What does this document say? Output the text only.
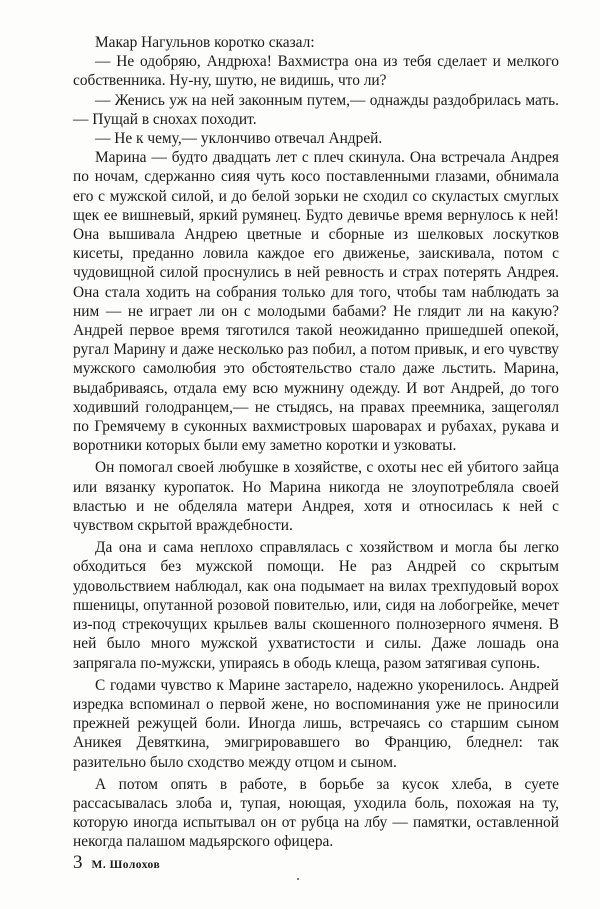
Макар Нагульнов коротко сказал:

— Не одобряю, Андрюха! Вахмистра она из тебя сделает и мелкого собственника. Ну-ну, шутю, не видишь, что ли?

— Женись уж на ней законным путем,— однажды раздобрилась мать.— Пущай в снохах походит.

— Не к чему,— уклончиво отвечал Андрей.

Марина — будто двадцать лет с плеч скинула. Она встречала Андрея по ночам, сдержанно сияя чуть косо поставленными глазами, обнимала его с мужской силой, и до белой зорьки не сходил со скуластых смуглых щек ее вишневый, яркий румянец. Будто девичье время вернулось к ней! Она вышивала Андрею цветные и сборные из шелковых лоскутков кисеты, преданно ловила каждое его движенье, заискивала, потом с чудовищной силой проснулись в ней ревность и страх потерять Андрея. Она стала ходить на собрания только для того, чтобы там наблюдать за ним — не играет ли он с молодыми бабами? Не глядит ли на какую? Андрей первое время тяготился такой неожиданно пришедшей опекой, ругал Марину и даже несколько раз побил, а потом привык, и его чувству мужского самолюбия это обстоятельство стало даже льстить. Марина, выдабриваясь, отдала ему всю мужнину одежду. И вот Андрей, до того ходивший голодранцем,— не стыдясь, на правах преемника, защеголял по Гремячему в суконных вахмистровых шароварах и рубахах, рукава и воротники которых были ему заметно коротки и узковаты.

Он помогал своей любушке в хозяйстве, с охоты нес ей убитого зайца или вязанку куропаток. Но Марина никогда не злоупотребляла своей властью и не обделяла матери Андрея, хотя и относилась к ней с чувством скрытой враждебности.

Да она и сама неплохо справлялась с хозяйством и могла бы легко обходиться без мужской помощи. Не раз Андрей со скрытым удовольствием наблюдал, как она подымает на вилах трехпудовый ворох пшеницы, опутанной розовой повителью, или, сидя на лобогрейке, мечет из-под стрекочущих крыльев валы скошенного полнозерного ячменя. В ней было много мужской ухватистости и силы. Даже лошадь она запрягала по-мужски, упираясь в ободь клеща, разом затягивая супонь.

С годами чувство к Марине застарело, надежно укоренилось. Андрей изредка вспоминал о первой жене, но воспоминания уже не приносили прежней режущей боли. Иногда лишь, встречаясь со старшим сыном Аникея Девяткина, эмигрировавшего во Францию, бледнел: так разительно было сходство между отцом и сыном.

А потом опять в работе, в борьбе за кусок хлеба, в суете рассасывалась злоба и, тупая, ноющая, уходила боль, похожая на ту, которую иногда испытывал он от рубца на лбу — памятки, оставленной некогда палашом мадьярского офицера.

3 М. Шолохов
